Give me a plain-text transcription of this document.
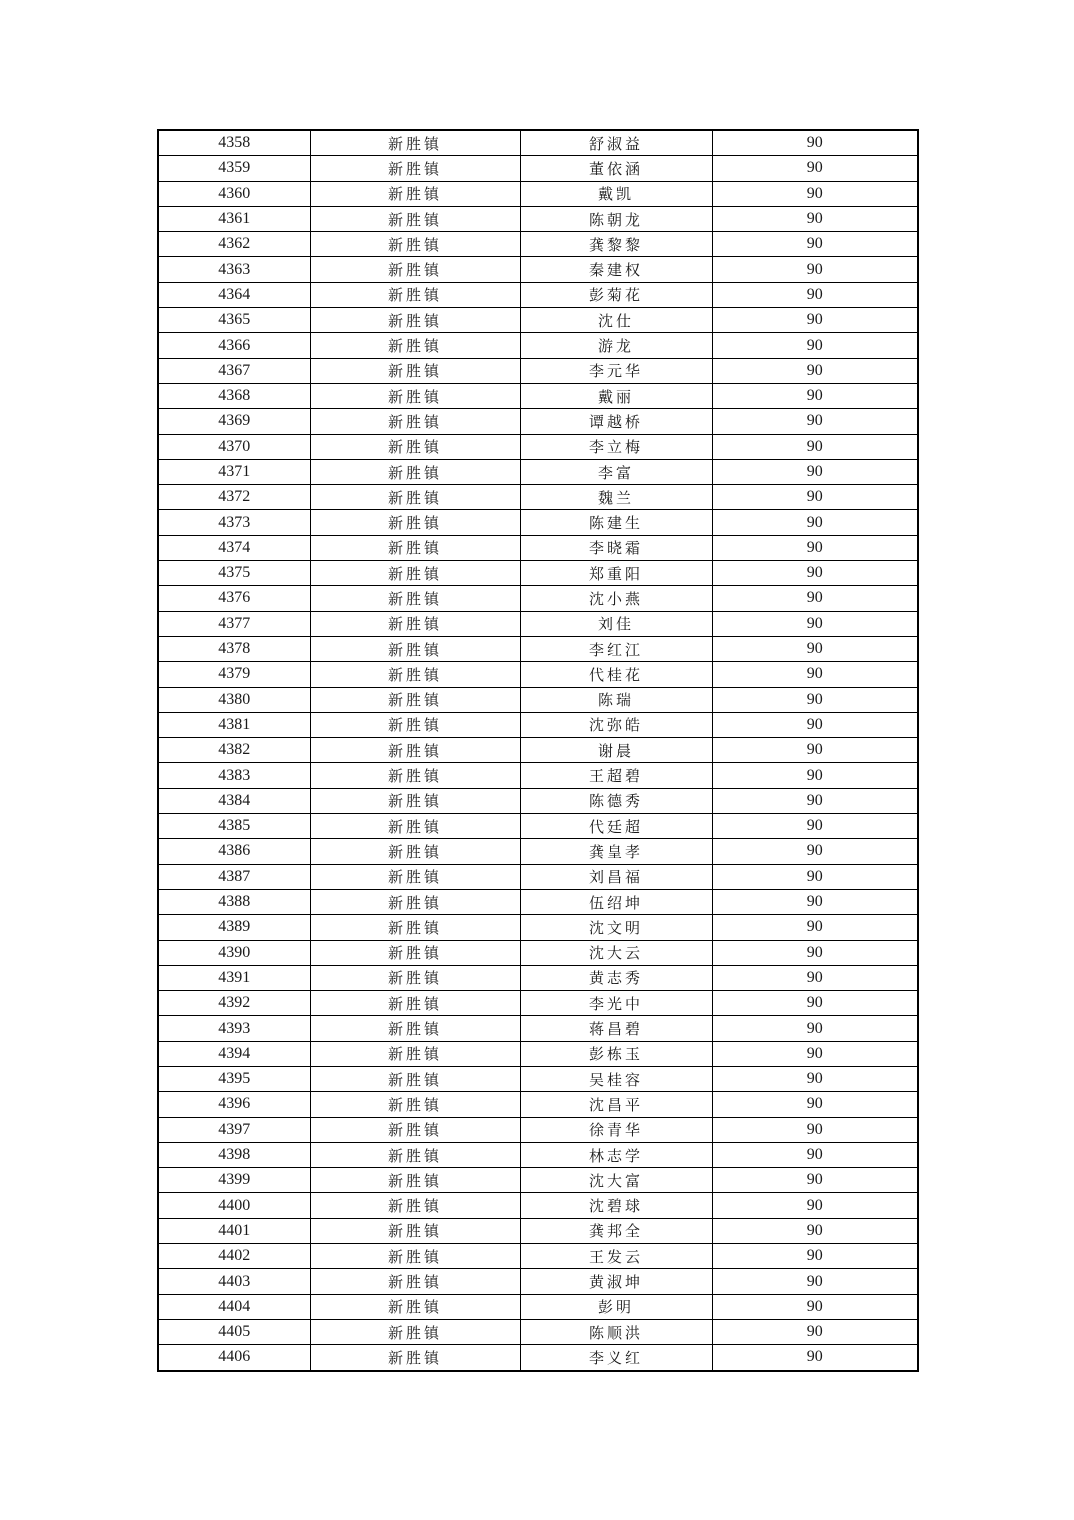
4358	新胜镇	舒淑益	90
4359	新胜镇	董依涵	90
4360	新胜镇	戴凯	90
4361	新胜镇	陈朝龙	90
4362	新胜镇	龚黎黎	90
4363	新胜镇	秦建权	90
4364	新胜镇	彭菊花	90
4365	新胜镇	沈仕	90
4366	新胜镇	游龙	90
4367	新胜镇	李元华	90
4368	新胜镇	戴丽	90
4369	新胜镇	谭越桥	90
4370	新胜镇	李立梅	90
4371	新胜镇	李富	90
4372	新胜镇	魏兰	90
4373	新胜镇	陈建生	90
4374	新胜镇	李晓霜	90
4375	新胜镇	郑重阳	90
4376	新胜镇	沈小燕	90
4377	新胜镇	刘佳	90
4378	新胜镇	李红江	90
4379	新胜镇	代桂花	90
4380	新胜镇	陈瑞	90
4381	新胜镇	沈弥皓	90
4382	新胜镇	谢晨	90
4383	新胜镇	王超碧	90
4384	新胜镇	陈德秀	90
4385	新胜镇	代廷超	90
4386	新胜镇	龚皇孝	90
4387	新胜镇	刘昌福	90
4388	新胜镇	伍绍坤	90
4389	新胜镇	沈文明	90
4390	新胜镇	沈大云	90
4391	新胜镇	黄志秀	90
4392	新胜镇	李光中	90
4393	新胜镇	蒋昌碧	90
4394	新胜镇	彭栋玉	90
4395	新胜镇	吴桂容	90
4396	新胜镇	沈昌平	90
4397	新胜镇	徐青华	90
4398	新胜镇	林志学	90
4399	新胜镇	沈大富	90
4400	新胜镇	沈碧球	90
4401	新胜镇	龚邦全	90
4402	新胜镇	王发云	90
4403	新胜镇	黄淑坤	90
4404	新胜镇	彭明	90
4405	新胜镇	陈顺洪	90
4406	新胜镇	李义红	90
